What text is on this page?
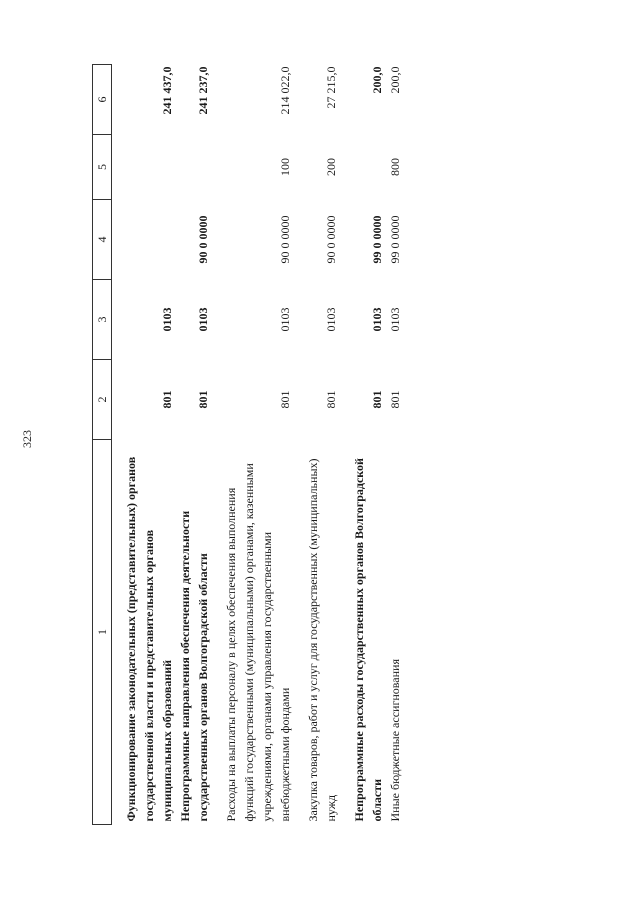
323
1	2	3	4	5	6
Функционирование законодательных (представительных) органов государственной власти и представительных органов муниципальных образований	801	0103			241 437,0
Непрограммные направления обеспечения деятельности государственных органов Волгоградской области	801	0103	90 0 0000		241 237,0
Расходы на выплаты персоналу в целях обеспечения выполнения функций государственными (муниципальными) органами, казенными учреждениями, органами управления государственными внебюджетными фондами	801	0103	90 0 0000	100	214 022,0
Закупка товаров, работ и услуг для государственных (муниципальных) нужд	801	0103	90 0 0000	200	27 215,0
Непрограммные расходы государственных органов Волгоградской области	801	0103	99 0 0000		200,0
Иные бюджетные ассигнования	801	0103	99 0 0000	800	200,0
